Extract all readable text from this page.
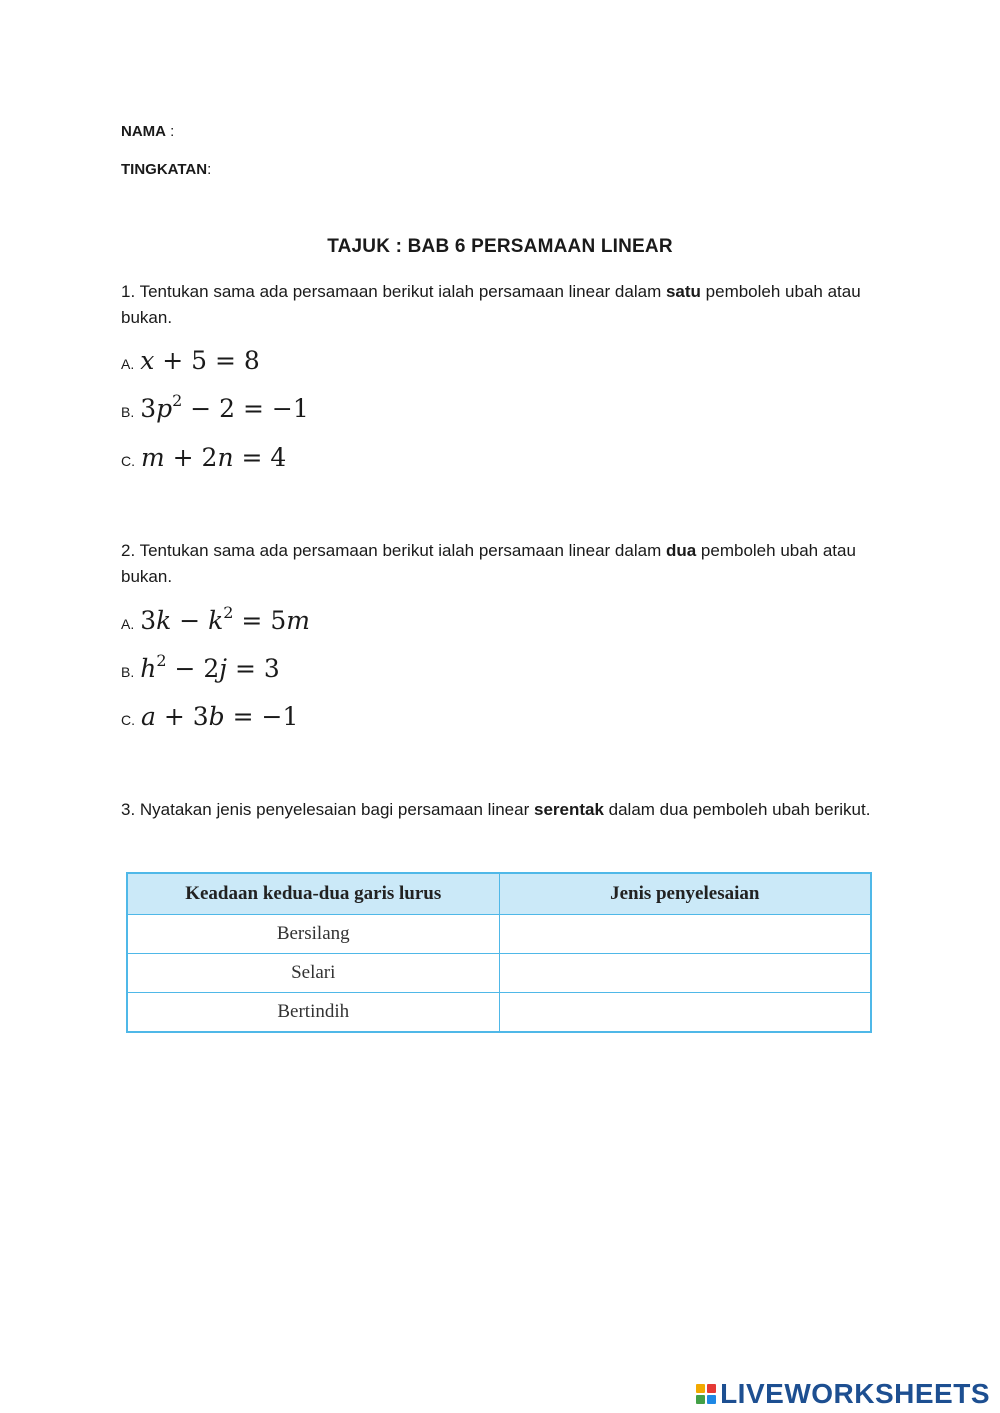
NAMA :
TINGKATAN:
TAJUK : BAB 6 PERSAMAAN LINEAR
1. Tentukan sama ada persamaan berikut ialah persamaan linear dalam satu pemboleh ubah atau bukan.
A. x + 5 = 8
B. $3p^2 - 2 = -1$
C. m + 2n = 4
2. Tentukan sama ada persamaan berikut ialah persamaan linear dalam dua pemboleh ubah atau bukan.
A. $3k - k^2 = 5m$
B. $h^2 - 2j = 3$
C. a + 3b = −1
3. Nyatakan jenis penyelesaian bagi persamaan linear serentak dalam dua pemboleh ubah berikut.
Keadaan kedua-dua garis lurus	Jenis penyelesaian
Bersilang	
Selari	
Bertindih	
LIVEWORKSHEETS
